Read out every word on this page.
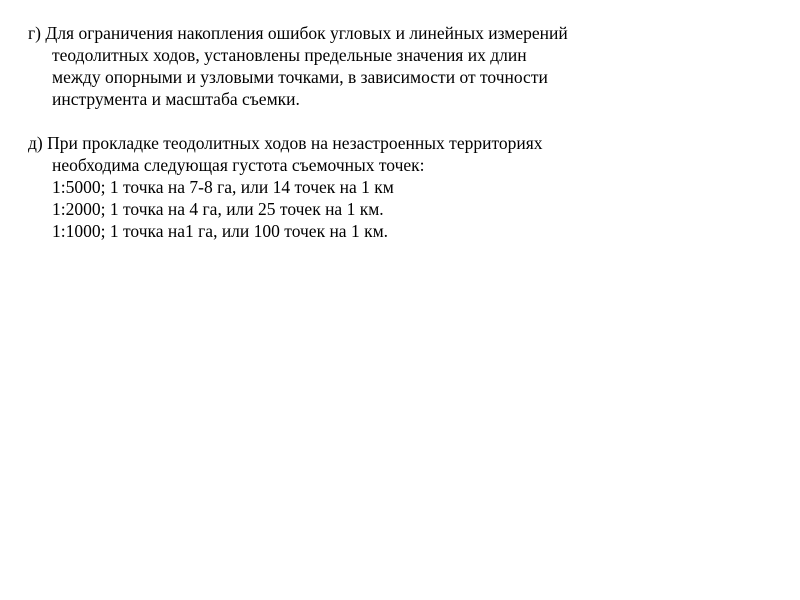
г) Для ограничения накопления ошибок угловых и линейных измерений
теодолитных ходов, установлены предельные значения их длин
между опорными и узловыми точками, в зависимости от точности
инструмента и масштаба съемки.
д) При прокладке теодолитных ходов на незастроенных территориях
необходима следующая густота съемочных точек:
1:5000; 1 точка на 7-8 га, или 14 точек на 1 км
1:2000; 1 точка на 4 га, или 25 точек на 1 км.
1:1000; 1 точка на1 га, или 100 точек на 1 км.
